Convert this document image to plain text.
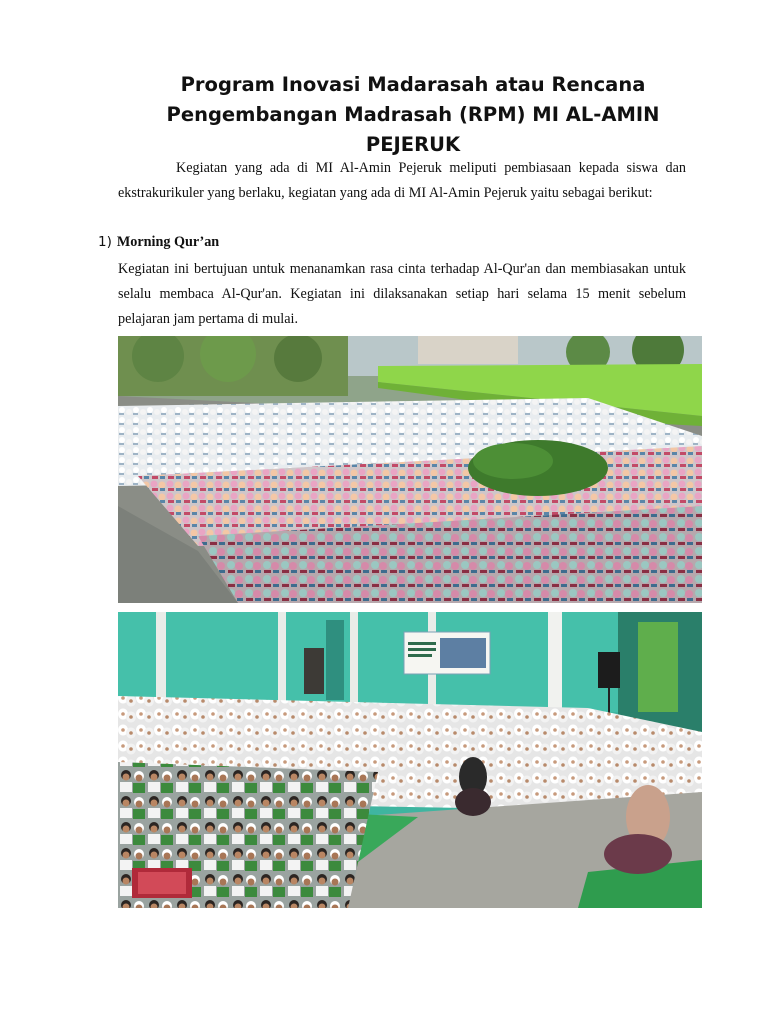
Program Inovasi Madarasah atau Rencana Pengembangan Madrasah (RPM) MI AL-AMIN PEJERUK

Kegiatan yang ada di MI Al-Amin Pejeruk meliputi pembiasaan kepada siswa dan ekstrakurikuler yang berlaku, kegiatan yang ada di MI Al-Amin Pejeruk yaitu sebagai berikut:

1) Morning Qur’an

Kegiatan ini bertujuan untuk menanamkan rasa cinta terhadap Al-Qur'an dan membiasakan untuk selalu membaca Al-Qur'an. Kegiatan ini dilaksanakan setiap hari selama 15 menit sebelum pelajaran jam pertama di mulai.
